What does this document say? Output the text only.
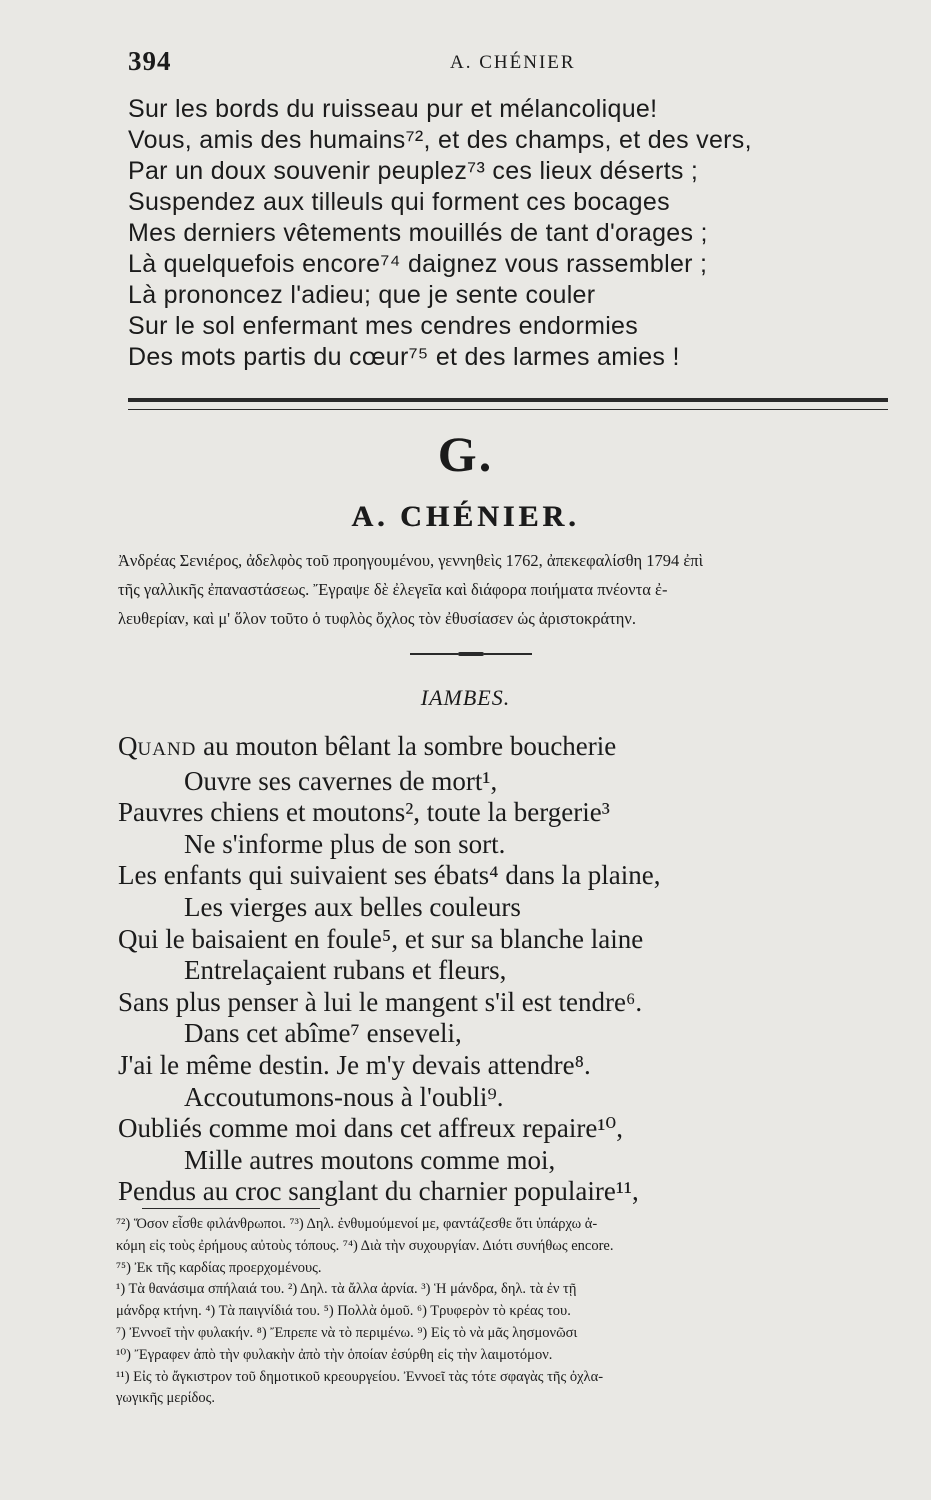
394	A. CHÉNIER
Sur les bords du ruisseau pur et mélancolique!
Vous, amis des humains⁷², et des champs, et des vers,
Par un doux souvenir peuplez⁷³ ces lieux déserts ;
Suspendez aux tilleuls qui forment ces bocages
Mes derniers vêtements mouillés de tant d'orages ;
Là quelquefois encore⁷⁴ daignez vous rassembler ;
Là prononcez l'adieu; que je sente couler
Sur le sol enfermant mes cendres endormies
Des mots partis du cœur⁷⁵ et des larmes amies !
G.
A. CHÉNIER.
Ἀνδρέας Σενιέρος, ἀδελφὸς τοῦ προηγουμένου, γεννηθεὶς 1762, ἀπεκεφαλίσθη 1794 ἐπὶ
τῆς γαλλικῆς ἐπαναστάσεως. Ἔγραψε δὲ ἐλεγεῖα καὶ διάφορα ποιήματα πνέοντα ἐ-
λευθερίαν, καὶ μ' ὅλον τοῦτο ὁ τυφλὸς ὄχλος τὸν ἐθυσίασεν ὡς ἀριστοκράτην.
IAMBES.
QUAND au mouton bêlant la sombre boucherie
Ouvre ses cavernes de mort¹,
Pauvres chiens et moutons², toute la bergerie³
Ne s'informe plus de son sort.
Les enfants qui suivaient ses ébats⁴ dans la plaine,
Les vierges aux belles couleurs
Qui le baisaient en foule⁵, et sur sa blanche laine
Entrelaçaient rubans et fleurs,
Sans plus penser à lui le mangent s'il est tendre⁶.
Dans cet abîme⁷ enseveli,
J'ai le même destin. Je m'y devais attendre⁸.
Accoutumons-nous à l'oubli⁹.
Oubliés comme moi dans cet affreux repaire¹⁰,
Mille autres moutons comme moi,
Pendus au croc sanglant du charnier populaire¹¹,
⁷²) Ὅσον εἶσθε φιλάνθρωποι. ⁷³) Δηλ. ἐνθυμούμενοί με, φαντάζεσθε ὅτι ὑπάρχω ἀ-
κόμη εἰς τοὺς ἐρήμους αὐτοὺς τόπους. ⁷⁴) Διὰ τὴν συχουργίαν. Διότι συνήθως encore.
⁷⁵) Ἐκ τῆς καρδίας προερχομένους.
¹) Τὰ θανάσιμα σπήλαιά του. ²) Δηλ. τὰ ἄλλα ἀρνία. ³) Ἡ μάνδρα, δηλ. τὰ ἐν τῇ
μάνδρᾳ κτήνη. ⁴) Τὰ παιγνίδιά του. ⁵) Πολλὰ ὁμοῦ. ⁶) Τρυφερὸν τὸ κρέας του.
⁷) Ἐννοεῖ τὴν φυλακήν. ⁸) Ἔπρεπε νὰ τὸ περιμένω. ⁹) Εἰς τὸ νὰ μᾶς λησμονῶσι
¹⁰) Ἔγραφεν ἀπὸ τὴν φυλακὴν ἀπὸ τὴν ὁποίαν ἐσύρθη εἰς τὴν λαιμοτόμον.
¹¹) Εἰς τὸ ἄγκιστρον τοῦ δημοτικοῦ κρεουργείου. Ἐννοεῖ τὰς τότε σφαγὰς τῆς ὀχλα-
γωγικῆς μερίδος.
